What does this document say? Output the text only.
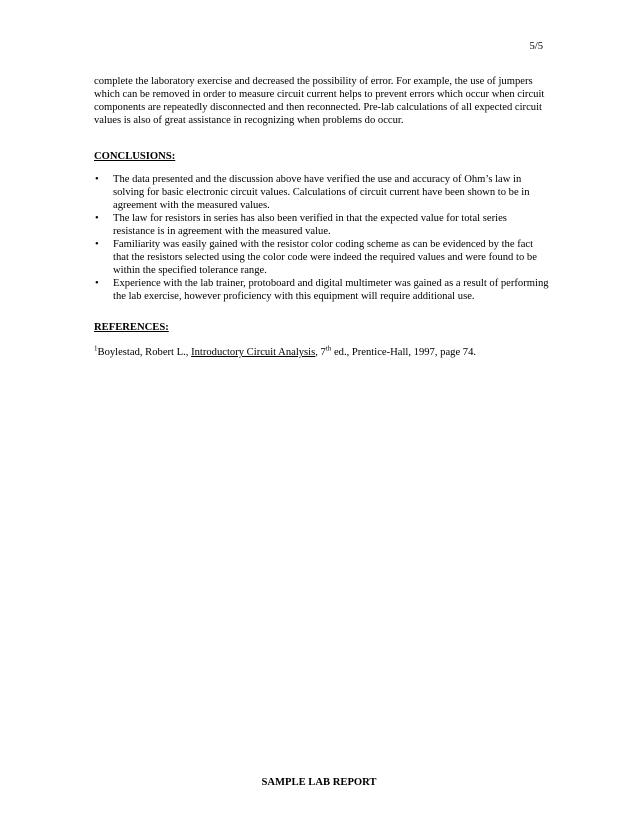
5/5

complete the laboratory exercise and decreased the possibility of error. For example, the use of jumpers which can be removed in order to measure circuit current helps to prevent errors which occur when circuit components are repeatedly disconnected and then reconnected. Pre-lab calculations of all expected circuit values is also of great assistance in recognizing when problems do occur.

CONCLUSIONS:
• The data presented and the discussion above have verified the use and accuracy of Ohm’s law in solving for basic electronic circuit values. Calculations of circuit current have been shown to be in agreement with the measured values.
• The law for resistors in series has also been verified in that the expected value for total series resistance is in agreement with the measured value.
• Familiarity was easily gained with the resistor color coding scheme as can be evidenced by the fact that the resistors selected using the color code were indeed the required values and were found to be within the specified tolerance range.
• Experience with the lab trainer, protoboard and digital multimeter was gained as a result of performing the lab exercise, however proficiency with this equipment will require additional use.
REFERENCES:

$^1$Boylestad, Robert L., Introductory Circuit Analysis, 7th ed., Prentice-Hall, 1997, page 74.

SAMPLE LAB REPORT
